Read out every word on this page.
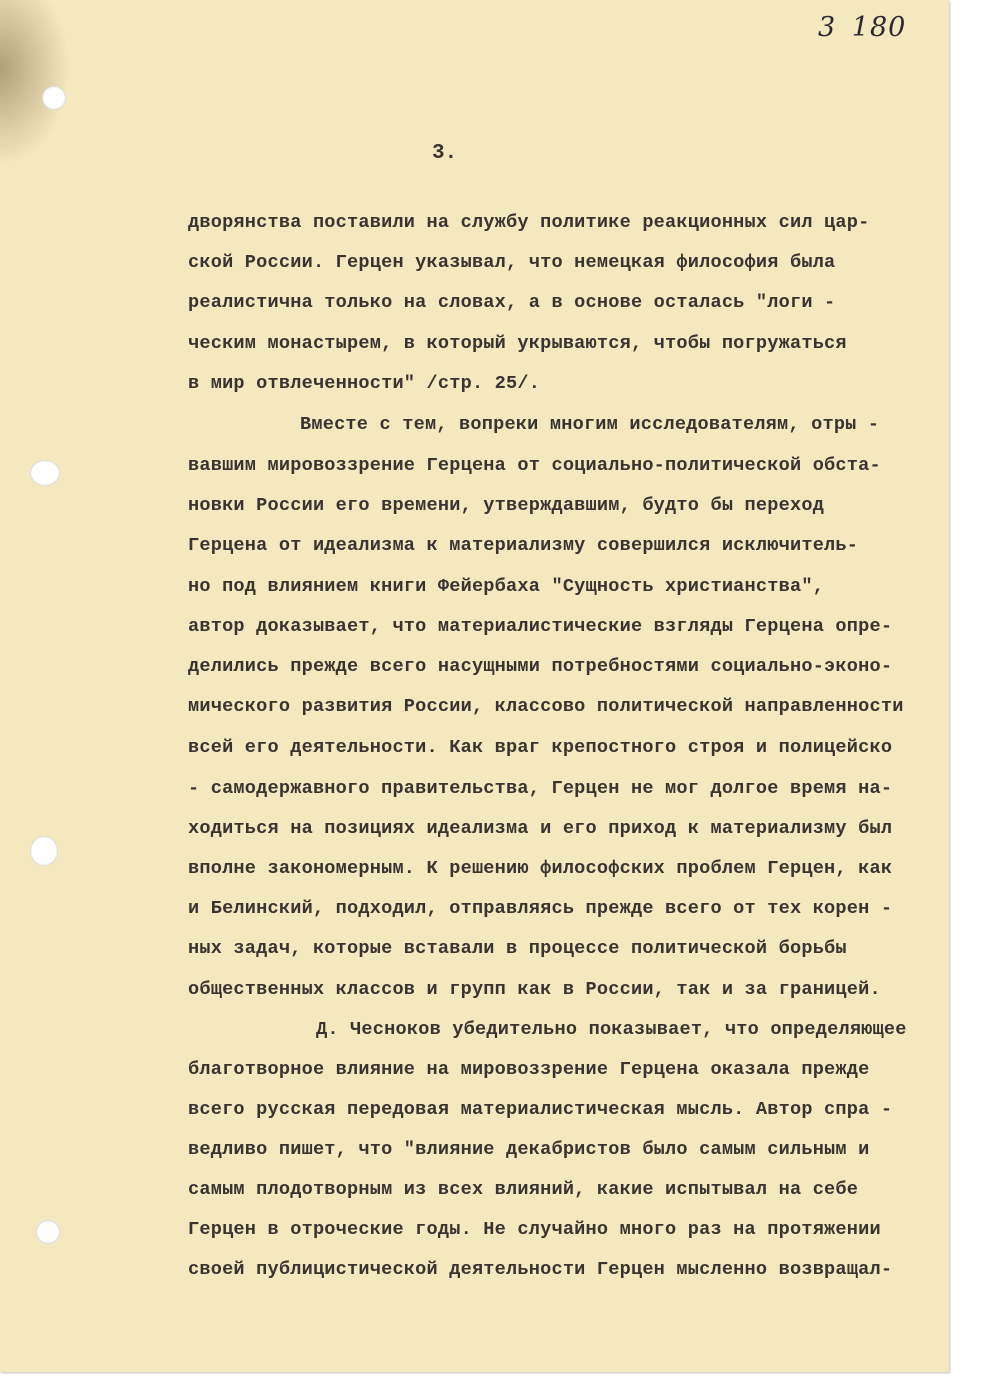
3 180
3.
дворянства поставили на службу политике реакционных сил цар-
ской России. Герцен указывал, что немецкая философия была
реалистична только на словах, а в основе осталась "логи -
ческим монастырем, в который укрываются, чтобы погружаться
в мир отвлеченности" /стр. 25/.
Вместе с тем, вопреки многим исследователям, отры -
вавшим мировоззрение Герцена от социально-политической обста-
новки России его времени, утверждавшим, будто бы переход
Герцена от идеализма к материализму совершился исключитель-
но под влиянием книги Фейербаха "Сущность христианства",
автор доказывает, что материалистические взгляды Герцена опре-
делились прежде всего насущными потребностями социально-эконо-
мического развития России, классово политической направленности
всей его деятельности. Как враг крепостного строя и полицейско
- самодержавного правительства, Герцен не мог долгое время на-
ходиться на позициях идеализма и его приход к материализму был
вполне закономерным. К решению философских проблем Герцен, как
и Белинский, подходил, отправляясь прежде всего от тех корен -
ных задач, которые вставали в процессе политической борьбы
общественных классов и групп как в России, так и за границей.
Д. Чесноков убедительно показывает, что определяющее
благотворное влияние на мировоззрение Герцена оказала прежде
всего русская передовая материалистическая мысль. Автор спра -
ведливо пишет, что "влияние декабристов было самым сильным и
самым плодотворным из всех влияний, какие испытывал на себе
Герцен в отроческие годы. Не случайно много раз на протяжении
своей публицистической деятельности Герцен мысленно возвращал-
